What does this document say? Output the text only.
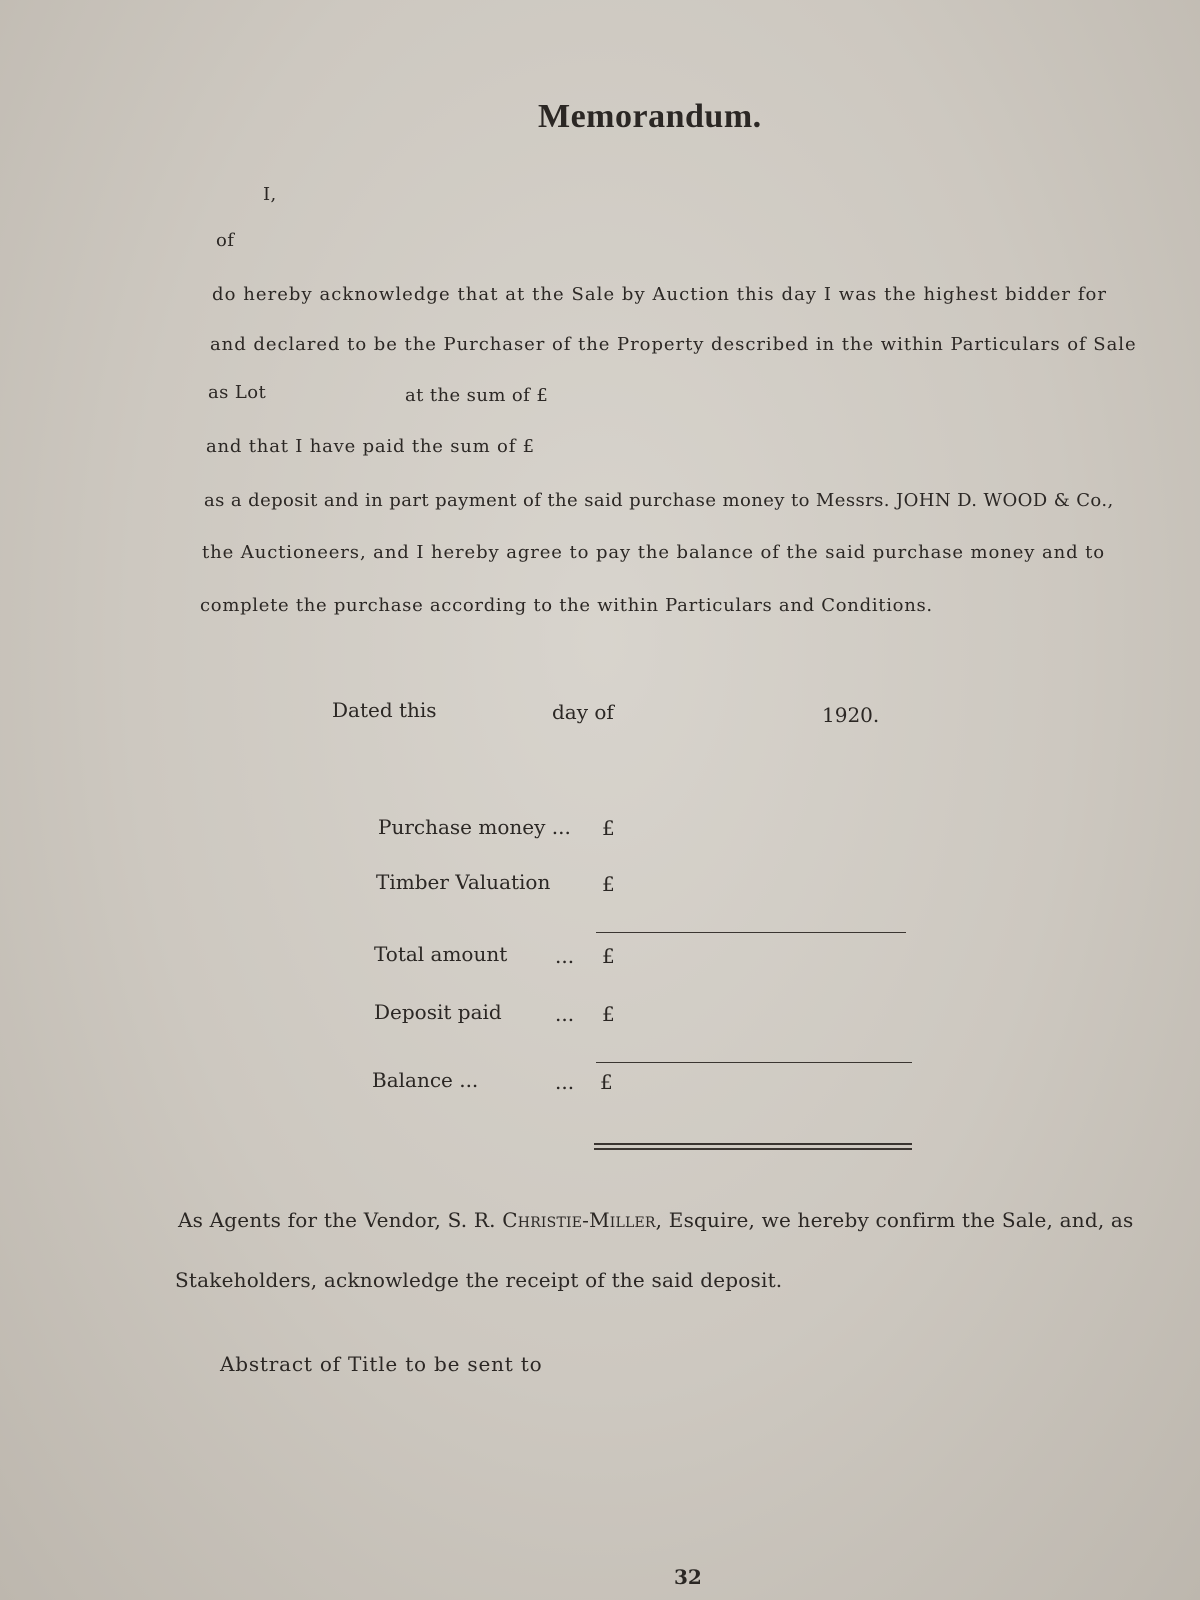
Memorandum.
I,
of
do hereby acknowledge that at the Sale by Auction this day I was the highest bidder for
and declared to be the Purchaser of the Property described in the within Particulars of Sale
as Lot	at the sum of £
and that I have paid the sum of £
as a deposit and in part payment of the said purchase money to Messrs. JOHN D. WOOD & Co.,
the Auctioneers, and I hereby agree to pay the balance of the said purchase money and to
complete the purchase according to the within Particulars and Conditions.
Dated this	day of	1920.
Purchase money ... £
Timber Valuation	£
Total amount ... £
Deposit paid	... £
Balance ...	... £
As Agents for the Vendor, S. R. Christie-Miller, Esquire, we hereby confirm the Sale, and, as
Stakeholders, acknowledge the receipt of the said deposit.
Abstract of Title to be sent to
32
